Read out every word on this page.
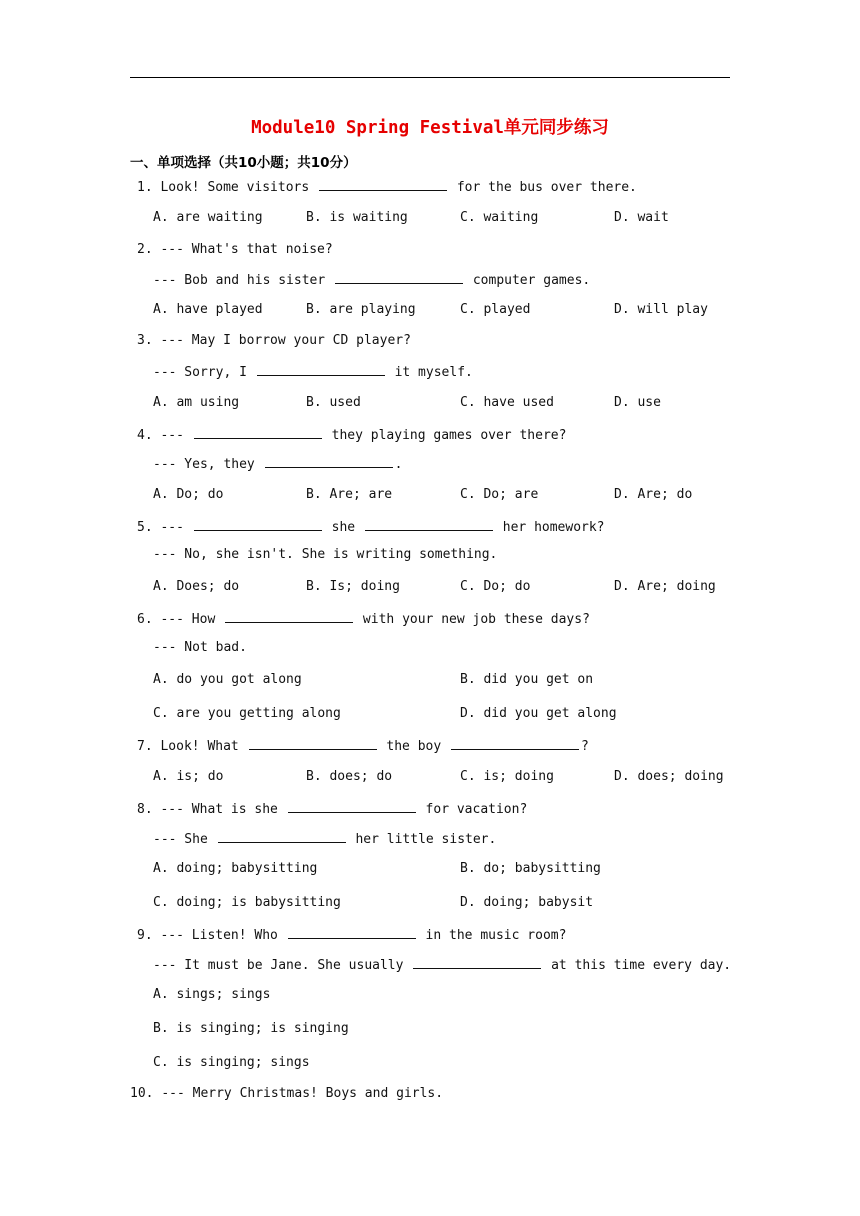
Module10 Spring Festival单元同步练习
一、单项选择（共10小题；共10分）
1. Look! Some visitors	for the bus over there.
A. are waiting	B. is waiting	C. waiting	D. wait
2. --- What's that noise?
--- Bob and his sister	computer games.
A. have played	B. are playing	C. played	D. will play
3. --- May I borrow your CD player?
--- Sorry, I	it myself.
A. am using	B. used	C. have used	D. use
4. ---	they playing games over there?
--- Yes, they	.
A. Do; do	B. Are; are	C. Do; are	D. Are; do
5. ---	she	her homework?
--- No, she isn't. She is writing something.
A. Does; do	B. Is; doing	C. Do; do	D. Are; doing
6. --- How	with your new job these days?
--- Not bad.
A. do you got along	B. did you get on
C. are you getting along	D. did you get along
7. Look! What	the boy	?
A. is; do	B. does; do	C. is; doing	D. does; doing
8. --- What is she	for vacation?
--- She	her little sister.
A. doing; babysitting	B. do; babysitting
C. doing; is babysitting	D. doing; babysit
9. --- Listen! Who	in the music room?
--- It must be Jane. She usually	at this time every day.
A. sings; sings
B. is singing; is singing
C. is singing; sings
10. --- Merry Christmas! Boys and girls.
